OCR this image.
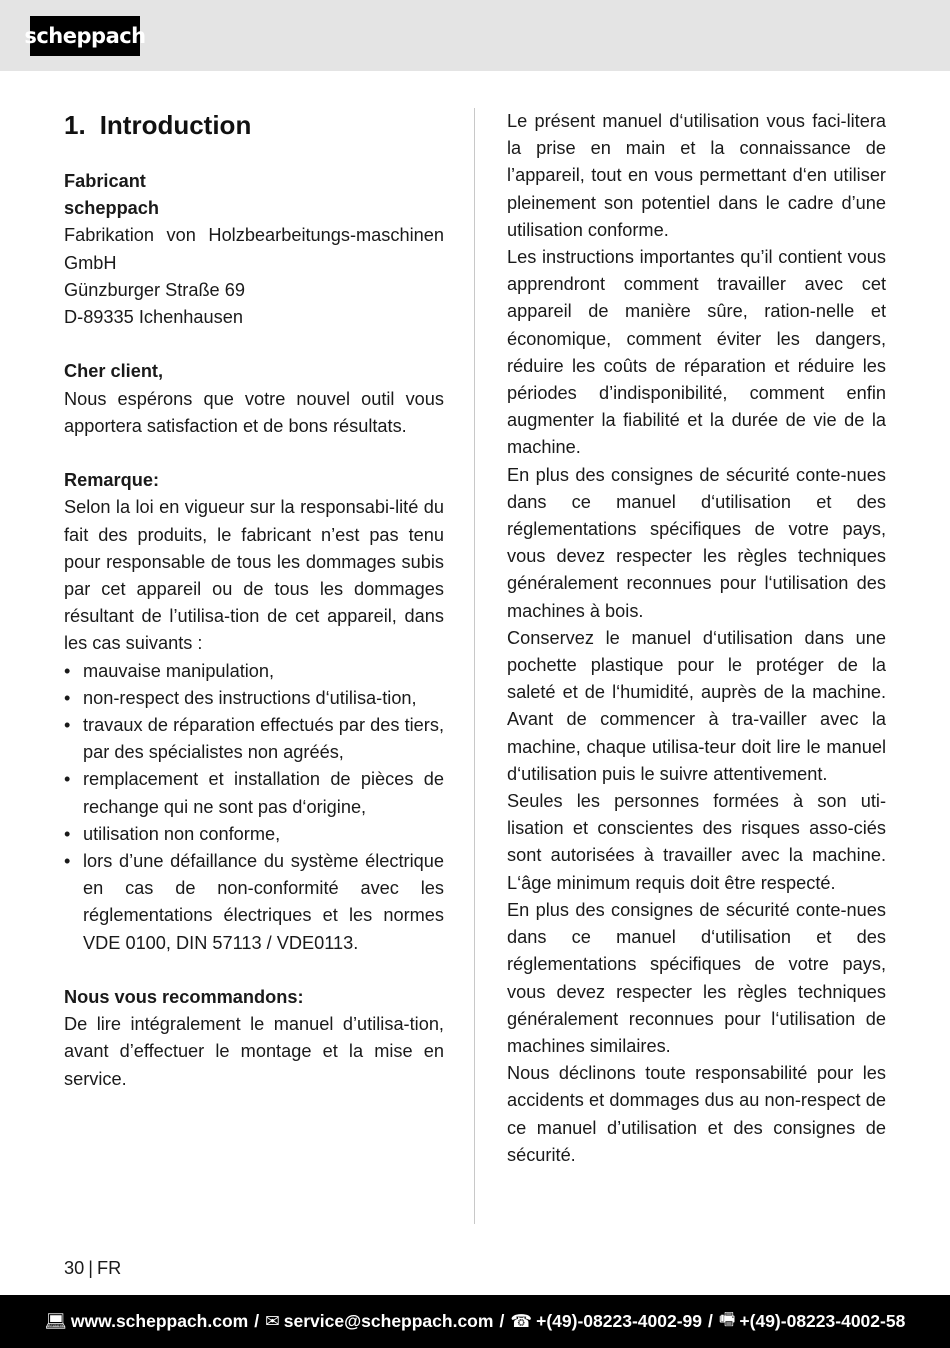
scheppach
1. Introduction
Fabricant
scheppach

Fabrikation von Holzbearbeitungs-maschinen GmbH

Günzburger Straße 69
D-89335 Ichenhausen
Cher client,

Nous espérons que votre nouvel outil vous apportera satisfaction et de bons résultats.

Remarque:

Selon la loi en vigueur sur la responsabi-lité du fait des produits, le fabricant n’est pas tenu pour responsable de tous les dommages subis par cet appareil ou de tous les dommages résultant de l’utilisa-tion de cet appareil, dans les cas suivants :

• mauvaise manipulation,
• non-respect des instructions d‘utilisa-tion,
• travaux de réparation effectués par des tiers, par des spécialistes non agréés,
• remplacement et installation de pièces de rechange qui ne sont pas d‘origine,
• utilisation non conforme,
• lors d’une défaillance du système électrique en cas de non-conformité avec les réglementations électriques et les normes VDE 0100, DIN 57113 / VDE0113.
Nous vous recommandons:

De lire intégralement le manuel d’utilisa-tion, avant d’effectuer le montage et la mise en service.

Le présent manuel d‘utilisation vous faci-litera la prise en main et la connaissance de l’appareil, tout en vous permettant d‘en utiliser pleinement son potentiel dans le cadre d’une utilisation conforme.

Les instructions importantes qu’il contient vous apprendront comment travailler avec cet appareil de manière sûre, ration-nelle et économique, comment éviter les dangers, réduire les coûts de réparation et réduire les périodes d’indisponibilité, comment enfin augmenter la fiabilité et la durée de vie de la machine.

En plus des consignes de sécurité conte-nues dans ce manuel d‘utilisation et des réglementations spécifiques de votre pays, vous devez respecter les règles techniques généralement reconnues pour l‘utilisation des machines à bois.

Conservez le manuel d‘utilisation dans une pochette plastique pour le protéger de la saleté et de l‘humidité, auprès de la machine. Avant de commencer à tra-vailler avec la machine, chaque utilisa-teur doit lire le manuel d‘utilisation puis le suivre attentivement.

Seules les personnes formées à son uti-lisation et conscientes des risques asso-ciés sont autorisées à travailler avec la machine. L‘âge minimum requis doit être respecté.

En plus des consignes de sécurité conte-nues dans ce manuel d‘utilisation et des réglementations spécifiques de votre pays, vous devez respecter les règles techniques généralement reconnues pour l‘utilisation de machines similaires.

Nous déclinons toute responsabilité pour les accidents et dommages dus au non-respect de ce manuel d’utilisation et des consignes de sécurité.

30 | FR
💻︎ www.scheppach.com / ✉︎ service@scheppach.com / ☎︎ +(49)-08223-4002-99 / 🖷︎ +(49)-08223-4002-58
